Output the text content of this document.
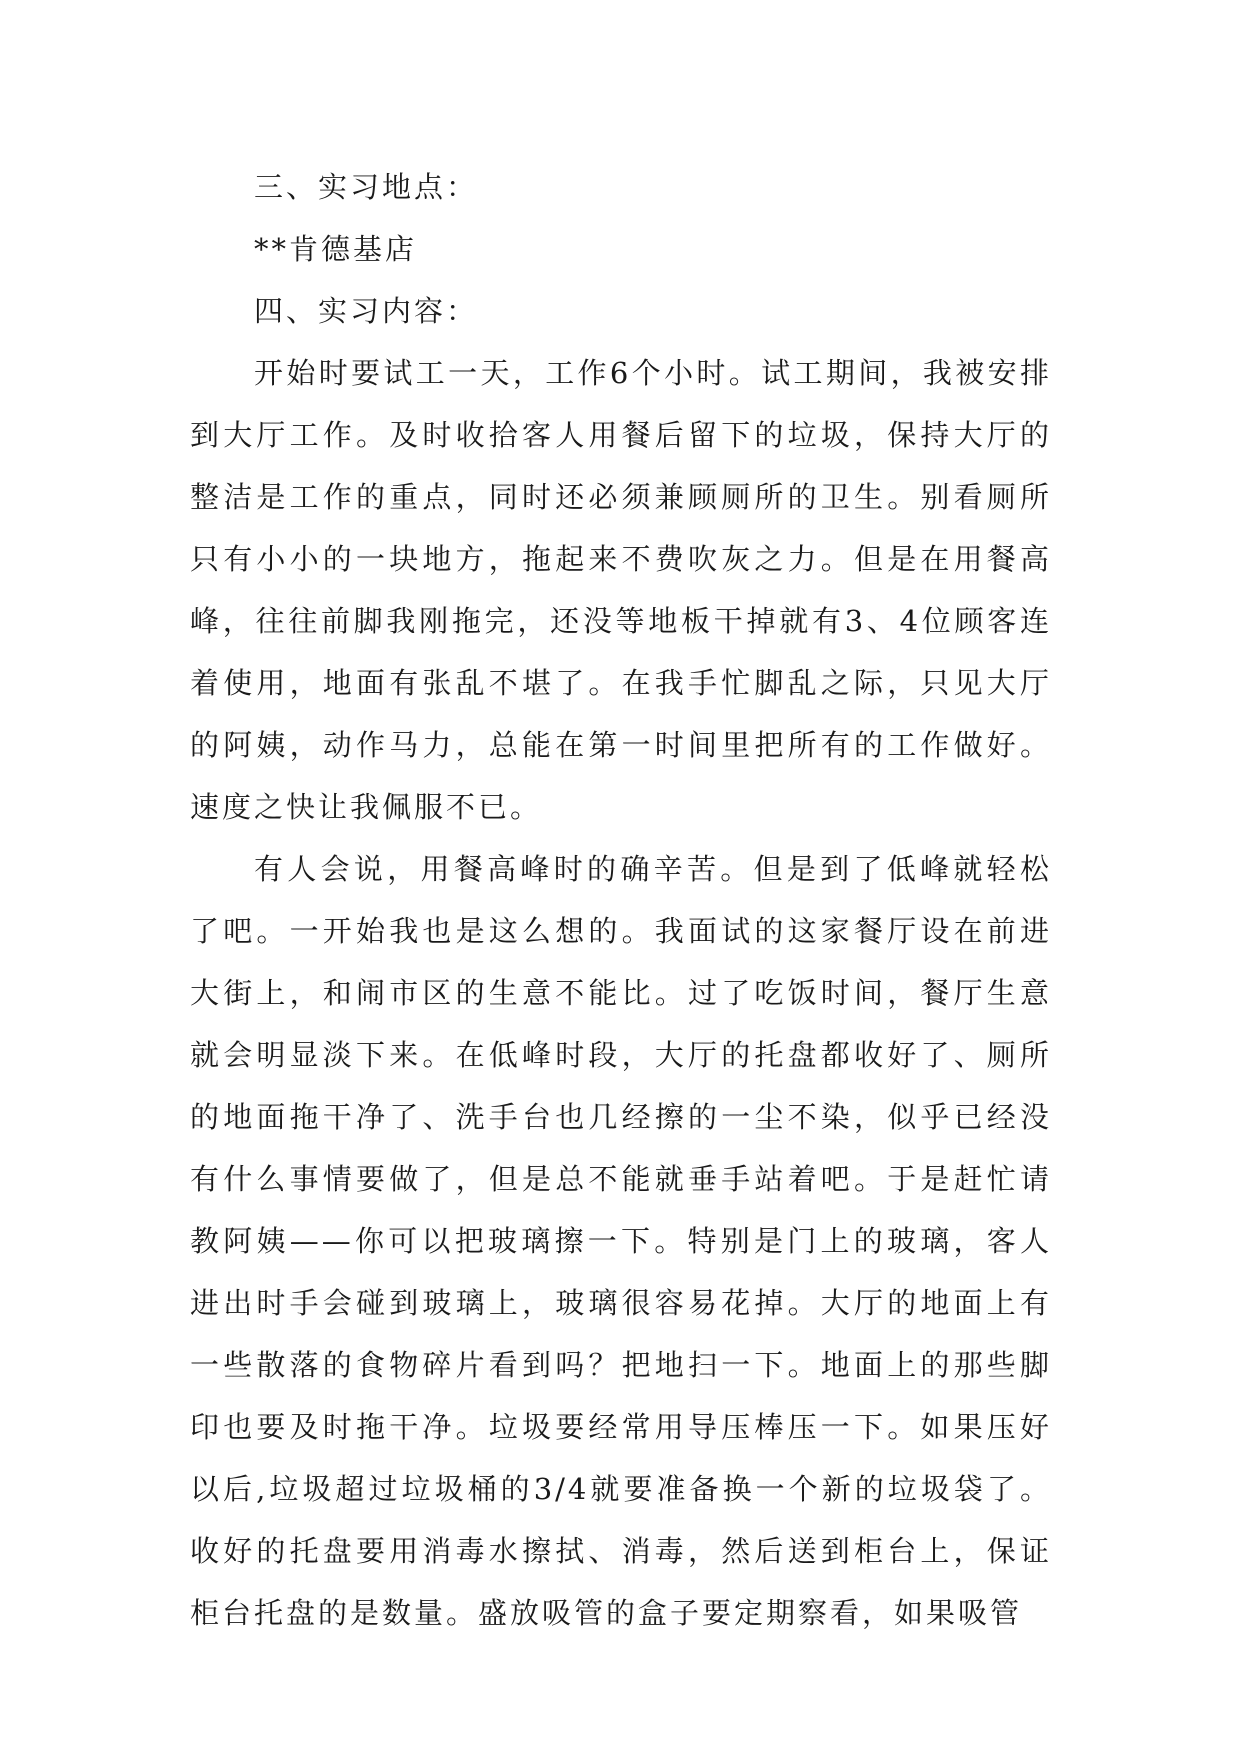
三、实习地点：

**肯德基店

四、实习内容：

开始时要试工一天，工作6个小时。试工期间，我被安排到大厅工作。及时收拾客人用餐后留下的垃圾，保持大厅的整洁是工作的重点，同时还必须兼顾厕所的卫生。别看厕所只有小小的一块地方，拖起来不费吹灰之力。但是在用餐高峰，往往前脚我刚拖完，还没等地板干掉就有3、4位顾客连着使用，地面有张乱不堪了。在我手忙脚乱之际，只见大厅的阿姨，动作马力，总能在第一时间里把所有的工作做好。速度之快让我佩服不已。

有人会说，用餐高峰时的确辛苦。但是到了低峰就轻松了吧。一开始我也是这么想的。我面试的这家餐厅设在前进大街上，和闹市区的生意不能比。过了吃饭时间，餐厅生意就会明显淡下来。在低峰时段，大厅的托盘都收好了、厕所的地面拖干净了、洗手台也几经擦的一尘不染，似乎已经没有什么事情要做了，但是总不能就垂手站着吧。于是赶忙请教阿姨——你可以把玻璃擦一下。特别是门上的玻璃，客人进出时手会碰到玻璃上，玻璃很容易花掉。大厅的地面上有一些散落的食物碎片看到吗？把地扫一下。地面上的那些脚印也要及时拖干净。垃圾要经常用导压棒压一下。如果压好以后,垃圾超过垃圾桶的3/4就要准备换一个新的垃圾袋了。收好的托盘要用消毒水擦拭、消毒，然后送到柜台上，保证柜台托盘的是数量。盛放吸管的盒子要定期察看，如果吸管
